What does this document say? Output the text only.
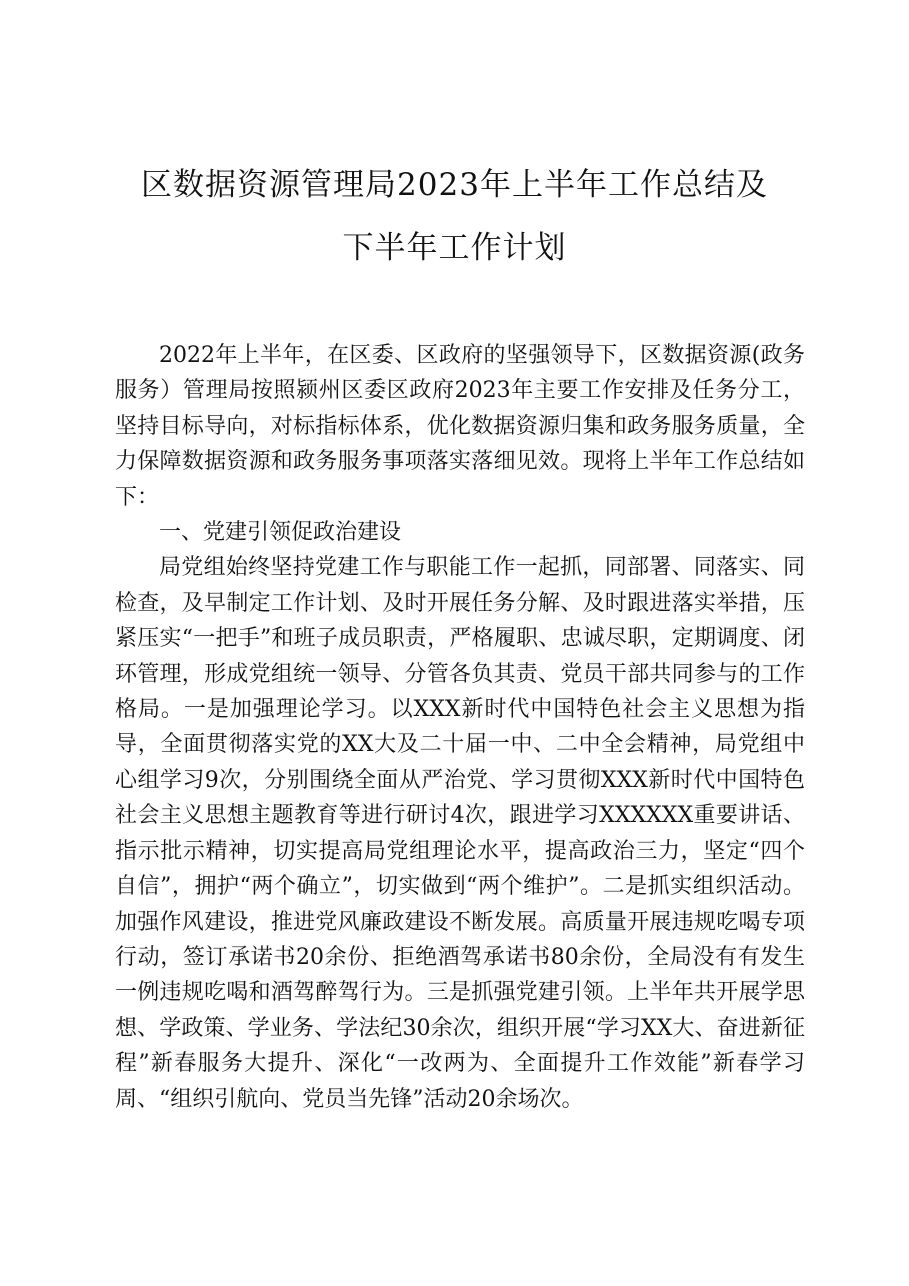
区数据资源管理局2023年上半年工作总结及
下半年工作计划

2022年上半年，在区委、区政府的坚强领导下，区数据资源(政务服务）管理局按照颍州区委区政府2023年主要工作安排及任务分工，坚持目标导向，对标指标体系，优化数据资源归集和政务服务质量，全力保障数据资源和政务服务事项落实落细见效。现将上半年工作总结如下：

一、党建引领促政治建设

局党组始终坚持党建工作与职能工作一起抓，同部署、同落实、同检查，及早制定工作计划、及时开展任务分解、及时跟进落实举措，压紧压实“一把手”和班子成员职责，严格履职、忠诚尽职，定期调度、闭环管理，形成党组统一领导、分管各负其责、党员干部共同参与的工作格局。一是加强理论学习。以XXX新时代中国特色社会主义思想为指导，全面贯彻落实党的XX大及二十届一中、二中全会精神，局党组中心组学习9次，分别围绕全面从严治党、学习贯彻XXX新时代中国特色社会主义思想主题教育等进行研讨4次，跟进学习XXXXXX重要讲话、指示批示精神，切实提高局党组理论水平，提高政治三力，坚定“四个自信”，拥护“两个确立”，切实做到“两个维护”。二是抓实组织活动。加强作风建设，推进党风廉政建设不断发展。高质量开展违规吃喝专项行动，签订承诺书20余份、拒绝酒驾承诺书80余份，全局没有有发生一例违规吃喝和酒驾醉驾行为。三是抓强党建引领。上半年共开展学思想、学政策、学业务、学法纪30余次，组织开展“学习XX大、奋进新征程”新春服务大提升、深化“一改两为、全面提升工作效能”新春学习周、“组织引航向、党员当先锋”活动20余场次。
